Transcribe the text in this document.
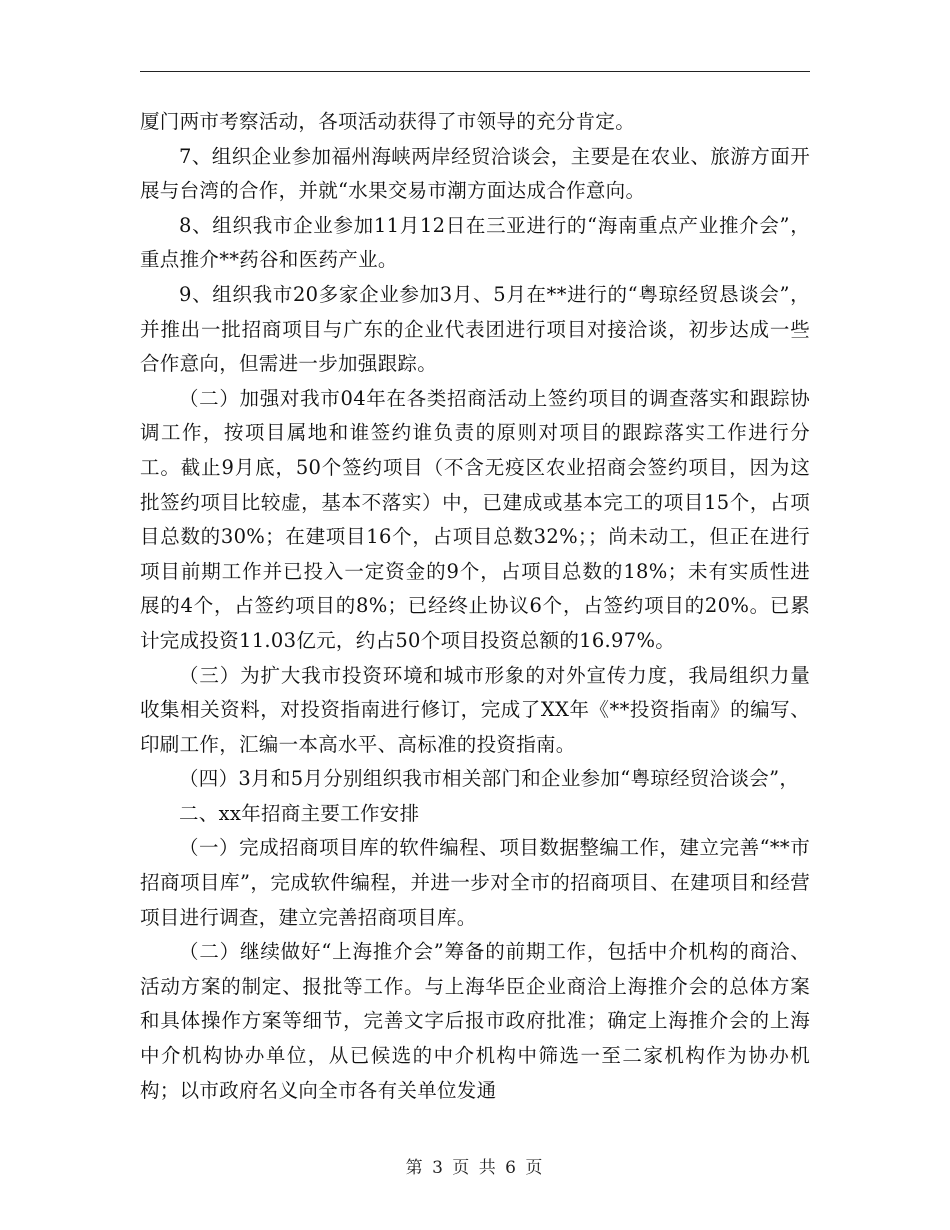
厦门两市考察活动，各项活动获得了市领导的充分肯定。

7、组织企业参加福州海峡两岸经贸洽谈会，主要是在农业、旅游方面开展与台湾的合作，并就“水果交易市潮方面达成合作意向。

8、组织我市企业参加11月12日在三亚进行的“海南重点产业推介会”，重点推介**药谷和医药产业。

9、组织我市20多家企业参加3月、5月在**进行的“粤琼经贸恳谈会”，并推出一批招商项目与广东的企业代表团进行项目对接洽谈，初步达成一些合作意向，但需进一步加强跟踪。

（二）加强对我市04年在各类招商活动上签约项目的调查落实和跟踪协调工作，按项目属地和谁签约谁负责的原则对项目的跟踪落实工作进行分工。截止9月底，50个签约项目（不含无疫区农业招商会签约项目，因为这批签约项目比较虚，基本不落实）中，已建成或基本完工的项目15个，占项目总数的30%；在建项目16个，占项目总数32%；；尚未动工，但正在进行项目前期工作并已投入一定资金的9个，占项目总数的18%；未有实质性进展的4个，占签约项目的8%；已经终止协议6个，占签约项目的20%。已累计完成投资11.03亿元，约占50个项目投资总额的16.97%。

（三）为扩大我市投资环境和城市形象的对外宣传力度，我局组织力量收集相关资料，对投资指南进行修订，完成了XX年《**投资指南》的编写、印刷工作，汇编一本高水平、高标准的投资指南。

（四）3月和5月分别组织我市相关部门和企业参加“粤琼经贸洽谈会”，

二、xx年招商主要工作安排

（一）完成招商项目库的软件编程、项目数据整编工作，建立完善“**市招商项目库”，完成软件编程，并进一步对全市的招商项目、在建项目和经营项目进行调查，建立完善招商项目库。

（二）继续做好“上海推介会”筹备的前期工作，包括中介机构的商洽、活动方案的制定、报批等工作。与上海华臣企业商洽上海推介会的总体方案和具体操作方案等细节，完善文字后报市政府批准；确定上海推介会的上海中介机构协办单位，从已候选的中介机构中筛选一至二家机构作为协办机构；以市政府名义向全市各有关单位发通

第 3 页 共 6 页
